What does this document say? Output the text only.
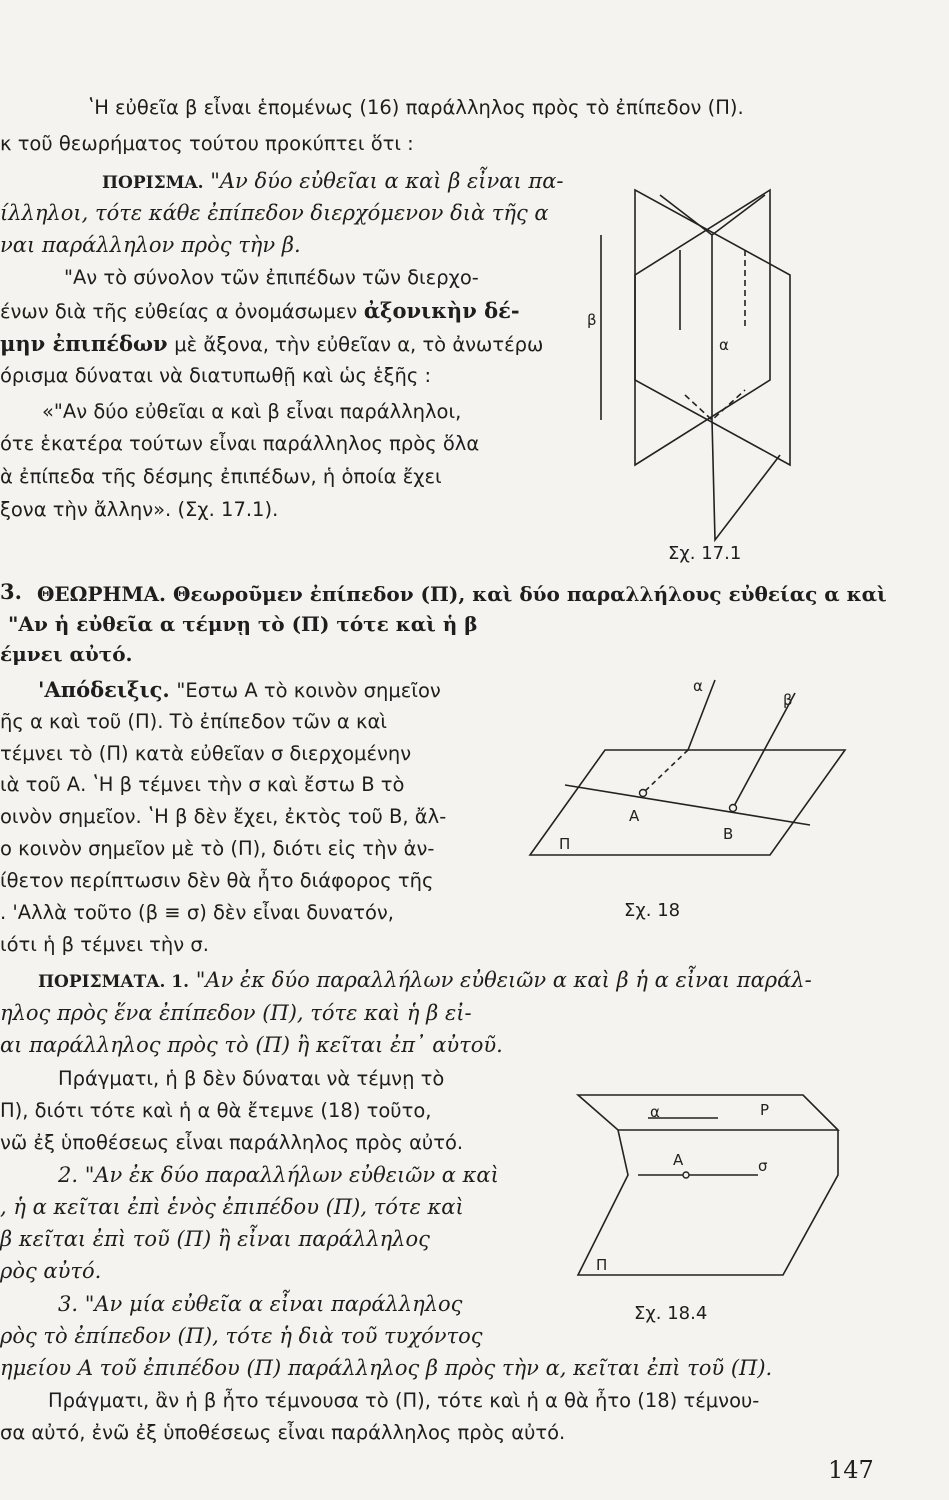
ʽΗ εὐθεῖα β εἶναι ἑπομένως (16) παράλληλος πρὸς τὸ ἐπίπεδον (Π).
κ τοῦ θεωρήματος τούτου προκύπτει ὅτι :
ΠΟΡΙΣΜΑ. "Αν δύο εὐθεῖαι α καὶ β εἶναι πα-
ίλληλοι, τότε κάθε ἐπίπεδον διερχόμενον διὰ τῆς α
ναι παράλληλον πρὸς τὴν β.
"Αν τὸ σύνολον τῶν ἐπιπέδων τῶν διερχο-
ένων διὰ τῆς εὐθείας α ὀνομάσωμεν ἀξονικὴν δέ-
μην ἐπιπέδων μὲ ἄξονα, τὴν εὐθεῖαν α, τὸ ἀνωτέρω
όρισμα δύναται νὰ διατυπωθῇ καὶ ὡς ἑξῆς :
«"Αν δύο εὐθεῖαι α καὶ β εἶναι παράλληλοι,
ότε ἑκατέρα τούτων εἶναι παράλληλος πρὸς ὅλα
ὰ ἐπίπεδα τῆς δέσμης ἐπιπέδων, ἡ ὁποία ἔχει
ξονα τὴν ἄλλην». (Σχ. 17.1).
3. ΘΕΩΡΗΜΑ. Θεωροῦμεν ἐπίπεδον (Π), καὶ δύο παραλλήλους εὐθείας α καὶ
"Αν ἡ εὐθεῖα α τέμνῃ τὸ (Π) τότε καὶ ἡ β
έμνει αὐτό.
'Απόδειξις. "Εστω Α τὸ κοινὸν σημεῖον
ῆς α καὶ τοῦ (Π). Τὸ ἐπίπεδον τῶν α καὶ
τέμνει τὸ (Π) κατὰ εὐθεῖαν σ διερχομένην
ιὰ τοῦ Α. ʽΗ β τέμνει τὴν σ καὶ ἔστω Β τὸ
οινὸν σημεῖον. ʽΗ β δὲν ἔχει, ἐκτὸς τοῦ Β, ἄλ-
ο κοινὸν σημεῖον μὲ τὸ (Π), διότι εἰς τὴν ἀν-
ίθετον περίπτωσιν δὲν θὰ ἦτο διάφορος τῆς
. 'Αλλὰ τοῦτο (β ≡ σ) δὲν εἶναι δυνατόν,
ιότι ἡ β τέμνει τὴν σ.
ΠΟΡΙΣΜΑΤΑ. 1. "Αν ἐκ δύο παραλλήλων εὐθειῶν α καὶ β ἡ α εἶναι παράλ-
ηλος πρὸς ἕνα ἐπίπεδον (Π), τότε καὶ ἡ β εἰ-
αι παράλληλος πρὸς τὸ (Π) ἢ κεῖται ἐπ᾿ αὐτοῦ.
Πράγματι, ἡ β δὲν δύναται νὰ τέμνῃ τὸ
Π), διότι τότε καὶ ἡ α θὰ ἔτεμνε (18) τοῦτο,
νῶ ἐξ ὑποθέσεως εἶναι παράλληλος πρὸς αὐτό.
2. "Αν ἐκ δύο παραλλήλων εὐθειῶν α καὶ
, ἡ α κεῖται ἐπὶ ἑνὸς ἐπιπέδου (Π), τότε καὶ
β κεῖται ἐπὶ τοῦ (Π) ἢ εἶναι παράλληλος
ρὸς αὐτό.
3. "Αν μία εὐθεῖα α εἶναι παράλληλος
ρὸς τὸ ἐπίπεδον (Π), τότε ἡ διὰ τοῦ τυχόντος
ημείου Α τοῦ ἐπιπέδου (Π) παράλληλος β πρὸς τὴν α, κεῖται ἐπὶ τοῦ (Π).
Πράγματι, ἂν ἡ β ἦτο τέμνουσα τὸ (Π), τότε καὶ ἡ α θὰ ἦτο (18) τέμνου-
σα αὐτό, ἐνῶ ἐξ ὑποθέσεως εἶναι παράλληλος πρὸς αὐτό.
147
β
α
Σχ. 17.1
α
β
Α
Β
Π
Σχ. 18
α	Ρ
Α	σ
Π
Σχ. 18.4
